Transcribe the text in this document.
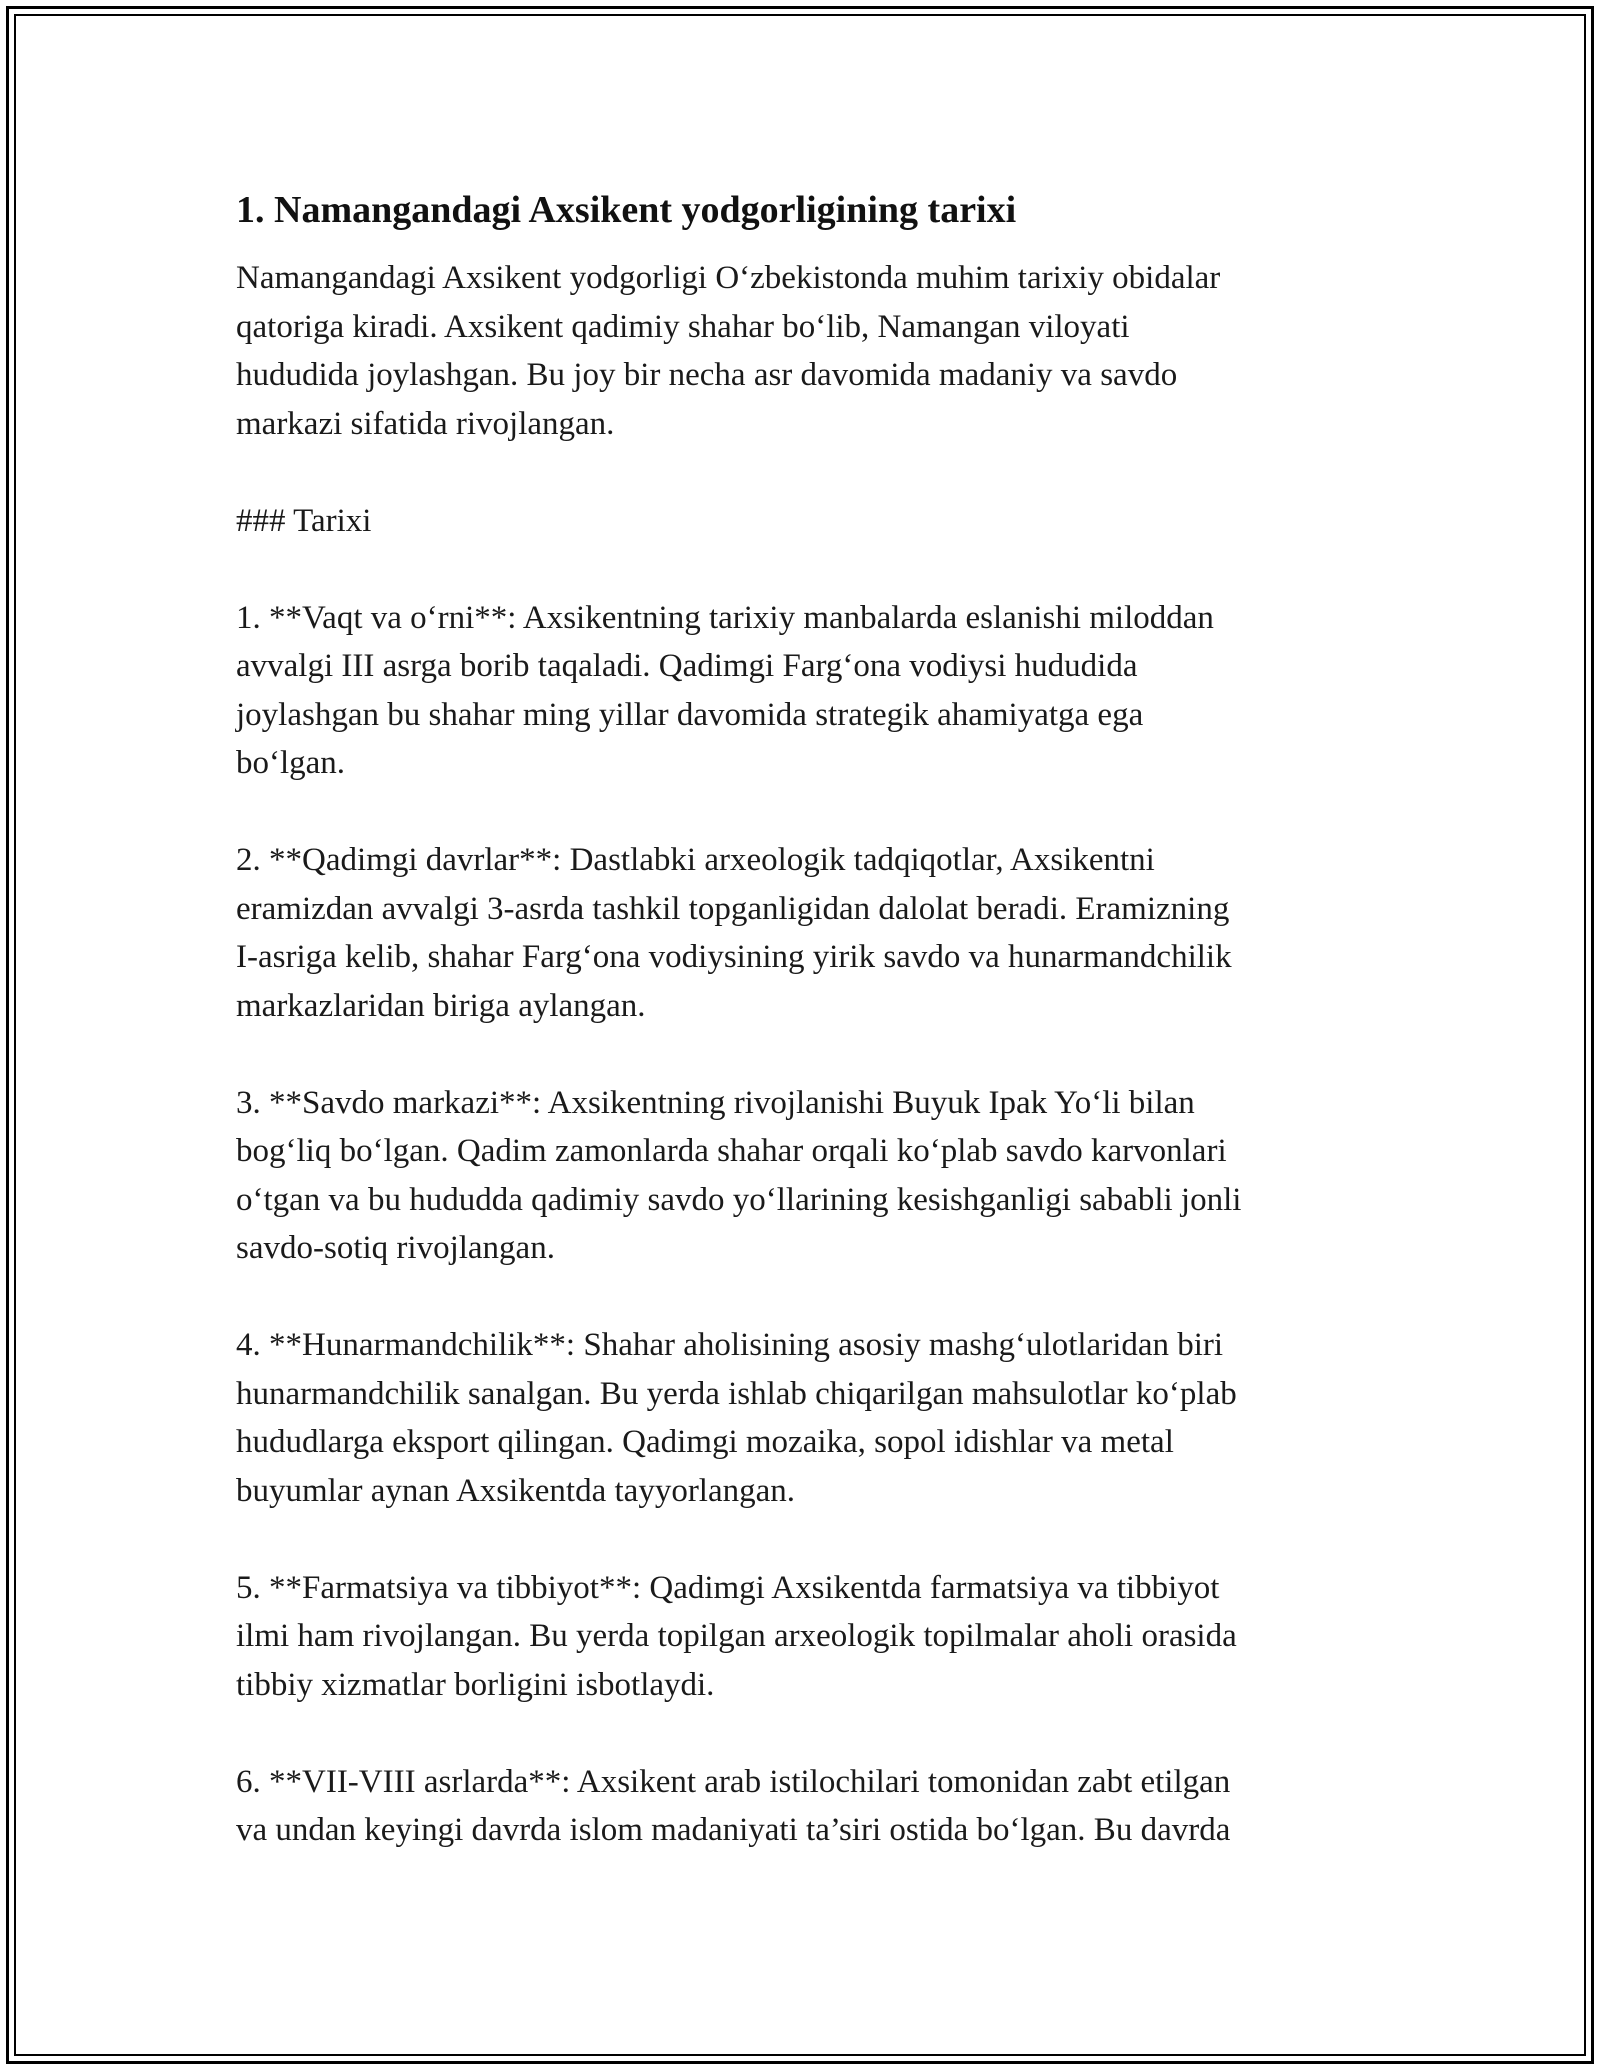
1. Namangandagi Axsikent yodgorligining tarixi

Namangandagi Axsikent yodgorligi O‘zbekistonda muhim tarixiy obidalar
qatoriga kiradi. Axsikent qadimiy shahar bo‘lib, Namangan viloyati
hududida joylashgan. Bu joy bir necha asr davomida madaniy va savdo
markazi sifatida rivojlangan.

### Tarixi

1. **Vaqt va o‘rni**: Axsikentning tarixiy manbalarda eslanishi miloddan
avvalgi III asrga borib taqaladi. Qadimgi Farg‘ona vodiysi hududida
joylashgan bu shahar ming yillar davomida strategik ahamiyatga ega
bo‘lgan.

2. **Qadimgi davrlar**: Dastlabki arxeologik tadqiqotlar, Axsikentni
eramizdan avvalgi 3-asrda tashkil topganligidan dalolat beradi. Eramizning
I-asriga kelib, shahar Farg‘ona vodiysining yirik savdo va hunarmandchilik
markazlaridan biriga aylangan.

3. **Savdo markazi**: Axsikentning rivojlanishi Buyuk Ipak Yo‘li bilan
bog‘liq bo‘lgan. Qadim zamonlarda shahar orqali ko‘plab savdo karvonlari
o‘tgan va bu hududda qadimiy savdo yo‘llarining kesishganligi sababli jonli
savdo-sotiq rivojlangan.

4. **Hunarmandchilik**: Shahar aholisining asosiy mashg‘ulotlaridan biri
hunarmandchilik sanalgan. Bu yerda ishlab chiqarilgan mahsulotlar ko‘plab
hududlarga eksport qilingan. Qadimgi mozaika, sopol idishlar va metal
buyumlar aynan Axsikentda tayyorlangan.

5. **Farmatsiya va tibbiyot**: Qadimgi Axsikentda farmatsiya va tibbiyot
ilmi ham rivojlangan. Bu yerda topilgan arxeologik topilmalar aholi orasida
tibbiy xizmatlar borligini isbotlaydi.

6. **VII-VIII asrlarda**: Axsikent arab istilochilari tomonidan zabt etilgan
va undan keyingi davrda islom madaniyati ta’siri ostida bo‘lgan. Bu davrda
